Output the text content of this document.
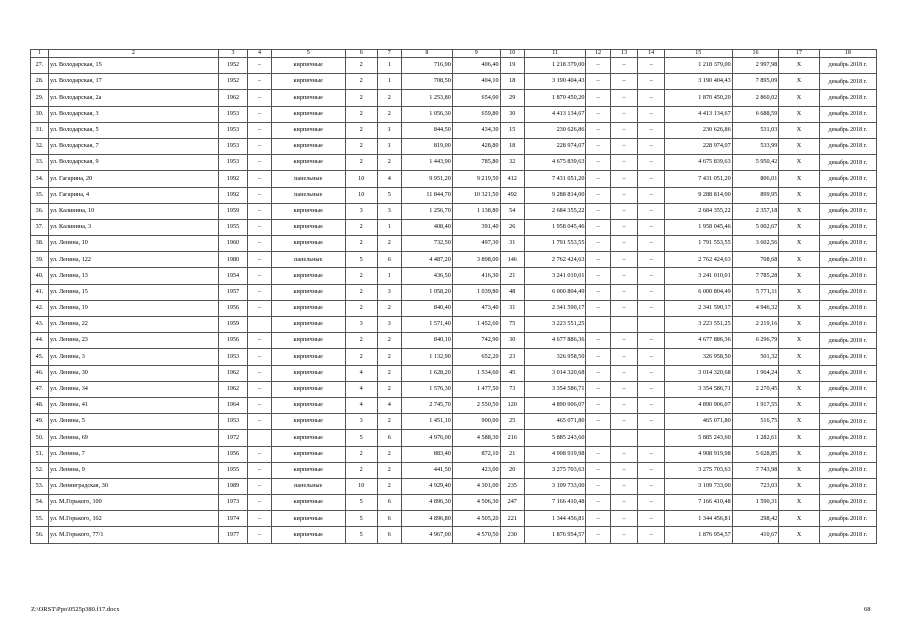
1	2	3	4	5	6	7	8	9	10	11	12	13	14	15	16	17	18
27.	ул. Володарская, 15	1952	–	кирпичные	2	1	716,90	406,40	19	1 218 379,00	–	–	–	1 218 379,00	2 997,98	Х	декабрь 2018 г.
28.	ул. Володарская, 17	1952	–	кирпичные	2	1	708,50	404,10	18	3 190 404,43	–	–	–	3 190 404,43	7 895,09	Х	декабрь 2018 г.
29.	ул. Володарская, 2а	1962	–	кирпичные	2	2	1 253,80	654,00	29	1 870 450,20	–	–	–	1 870 450,20	2 860,02	Х	декабрь 2018 г.
30.	ул. Володарская, 3	1953	–	кирпичные	2	2	1 056,30	659,80	30	4 413 134,67	–	–	–	4 413 134,67	6 688,59	Х	декабрь 2018 г.
31.	ул. Володарская, 5	1953	–	кирпичные	2	1	844,50	434,30	15	230 626,86	–	–	–	230 626,86	531,03	Х	декабрь 2018 г.
32.	ул. Володарская, 7	1953	–	кирпичные	2	1	819,00	428,80	18	228 974,07	–	–	–	228 974,07	533,99	Х	декабрь 2018 г.
33.	ул. Володарская, 9	1953	–	кирпичные	2	2	1 443,90	785,80	32	4 675 839,63	–	–	–	4 675 839,63	5 950,42	Х	декабрь 2018 г.
34.	ул. Гагарина, 20	1992	–	панельные	10	4	9 951,20	9 219,50	412	7 431 051,20	–	–	–	7 431 051,20	806,01	Х	декабрь 2018 г.
35.	ул. Гагарина, 4	1992	–	панельные	10	5	11 844,70	10 321,50	492	9 288 814,00	–	–	–	9 288 814,00	899,95	Х	декабрь 2018 г.
36.	ул. Калинина, 10	1959	–	кирпичные	3	3	1 256,70	1 138,80	54	2 684 355,22	–	–	–	2 684 355,22	2 357,18	Х	декабрь 2018 г.
37.	ул. Калинина, 3	1955	–	кирпичные	2	1	408,40	391,40	26	1 958 045,46	–	–	–	1 958 045,46	5 002,67	Х	декабрь 2018 г.
38.	ул. Ленина, 10	1960	–	кирпичные	2	2	732,50	497,30	31	1 791 553,55	–	–	–	1 791 553,55	3 602,56	Х	декабрь 2018 г.
39.	ул. Ленина, 122	1980	–	панельные	5	6	4 487,20	3 898,00	146	2 762 424,63	–	–	–	2 762 424,63	708,68	Х	декабрь 2018 г.
40.	ул. Ленина, 13	1954	–	кирпичные	2	1	436,50	416,30	21	3 241 010,01	–	–	–	3 241 010,01	7 785,28	Х	декабрь 2018 г.
41.	ул. Ленина, 15	1957	–	кирпичные	2	3	1 058,20	1 039,80	48	6 000 804,49	–	–	–	6 000 804,49	5 771,11	Х	декабрь 2018 г.
42.	ул. Ленина, 19	1956	–	кирпичные	2	2	840,40	473,40	31	2 341 590,17	–	–	–	2 341 590,17	4 946,32	Х	декабрь 2018 г.
43.	ул. Ленина, 22	1959		кирпичные	3	3	1 571,40	1 452,60	75	3 223 551,25				3 223 551,25	2 219,16	Х	декабрь 2018 г.
44.	ул. Ленина, 23	1956	–	кирпичные	2	2	840,10	742,90	30	4 677 886,36	–	–	–	4 677 886,36	6 296,79	Х	декабрь 2018 г.
45.	ул. Ленина, 3	1953	–	кирпичные	2	2	1 132,90	652,20	23	326 958,50	–	–	–	326 958,50	501,32	Х	декабрь 2018 г.
46.	ул. Ленина, 30	1962	–	кирпичные	4	2	1 628,20	1 534,60	45	3 014 320,68	–	–	–	3 014 320,68	1 964,24	Х	декабрь 2018 г.
47.	ул. Ленина, 34	1962	–	кирпичные	4	2	1 576,30	1 477,50	73	3 354 586,71	–	–	–	3 354 586,71	2 270,45	Х	декабрь 2018 г.
48.	ул. Ленина, 41	1964	–	кирпичные	4	4	2 745,70	2 550,50	120	4 890 906,07	–	–	–	4 890 906,07	1 917,55	Х	декабрь 2018 г.
49.	ул. Ленина, 5	1953	–	кирпичные	3	2	1 451,10	900,00	25	465 071,80	–	–	–	465 071,80	516,75	Х	декабрь 2018 г.
50.	ул. Ленина, 69	1972		кирпичные	5	6	4 976,00	4 588,30	216	5 885 243,60				5 885 243,60	1 282,61	Х	декабрь 2018 г.
51.	ул. Ленина, 7	1956	–	кирпичные	2	2	883,40	872,10	21	4 908 919,98	–	–	–	4 908 919,98	5 628,85	Х	декабрь 2018 г.
52.	ул. Ленина, 9	1955	–	кирпичные	2	2	441,50	423,00	20	3 275 703,63	–	–	–	3 275 703,63	7 743,98	Х	декабрь 2018 г.
53.	ул. Ленинградская, 30	1989	–	панельные	10	2	4 929,40	4 301,00	235	3 109 733,00	–	–	–	3 109 733,00	723,03	Х	декабрь 2018 г.
54.	ул. М.Горького, 100	1973	–	кирпичные	5	6	4 896,30	4 506,30	247	7 166 410,48	–	–	–	7 166 410,48	1 590,31	Х	декабрь 2018 г.
55.	ул. М.Горького, 102	1974	–	кирпичные	5	6	4 896,80	4 505,20	221	1 344 456,81	–	–	–	1 344 456,81	298,42	Х	декабрь 2018 г.
56.	ул. М.Горького, 77/1	1977	–	кирпичные	5	6	4 967,00	4 570,50	230	1 876 954,57	–	–	–	1 876 954,57	410,67	Х	декабрь 2018 г.
Z:\ORST\Ppo\0525p380.f17.docx	68
